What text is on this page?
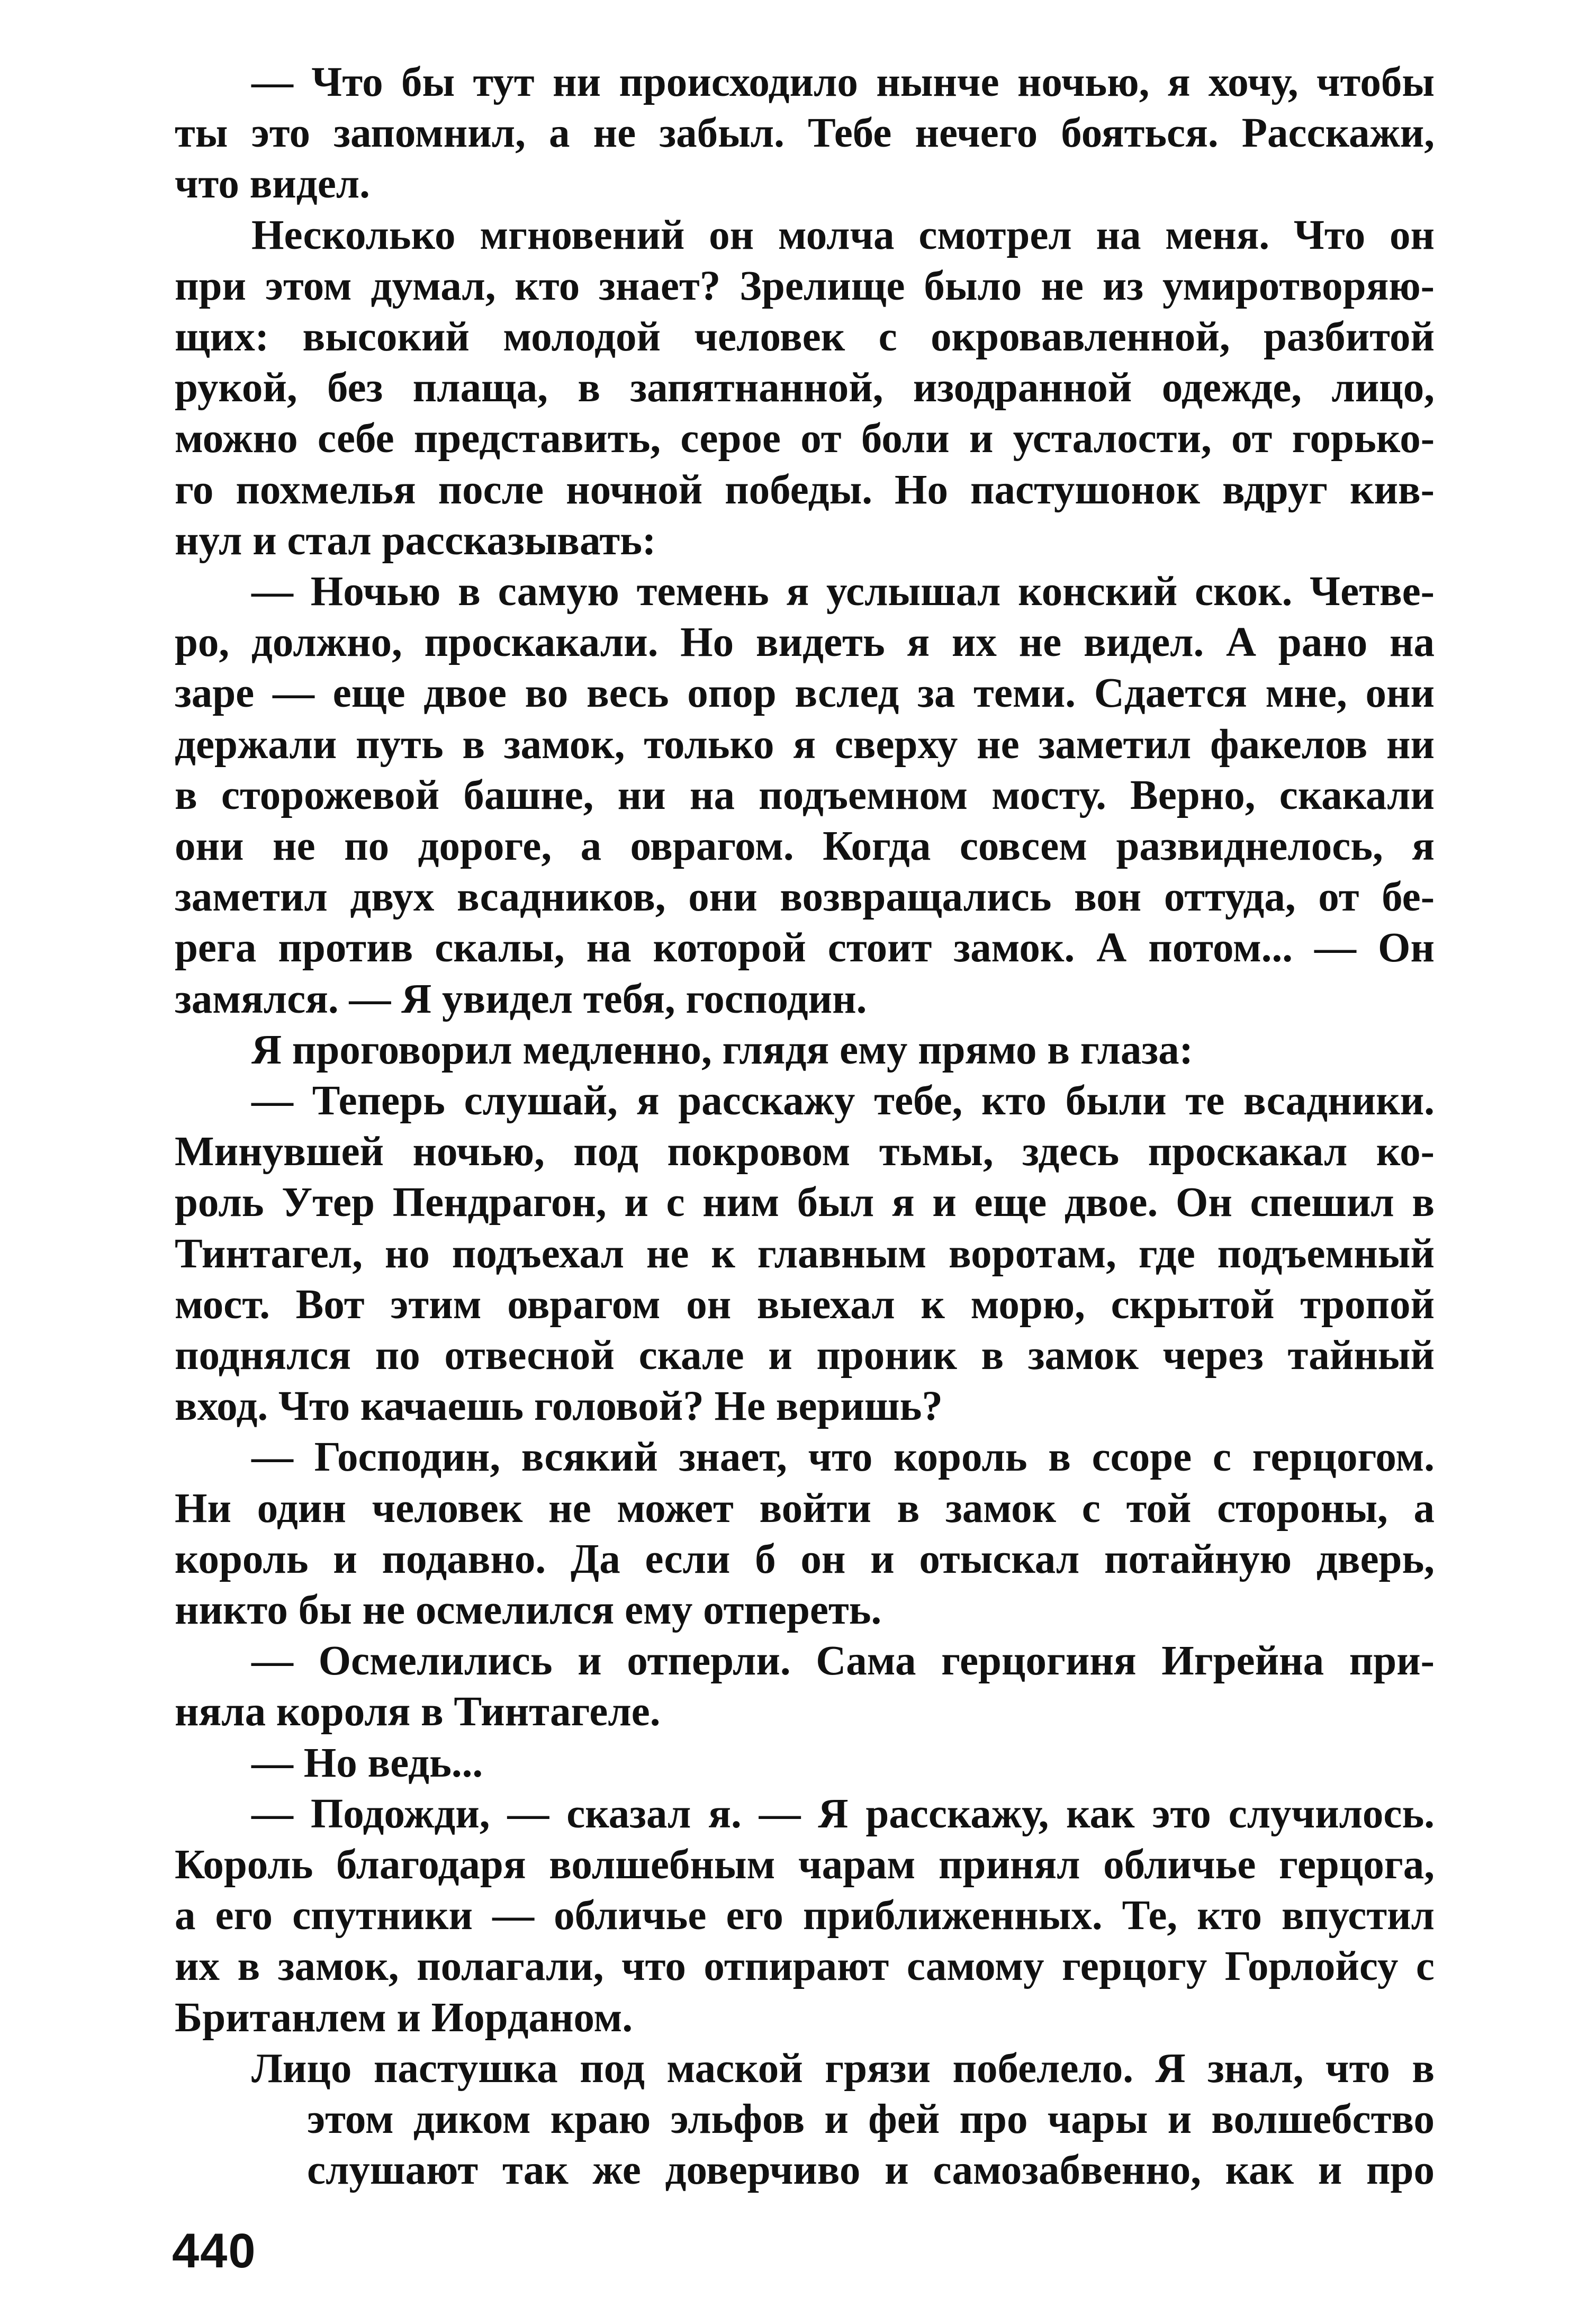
— Что бы тут ни происходило нынче ночью, я хочу, чтобы
ты это запомнил, а не забыл. Тебе нечего бояться. Расскажи,
что видел.
Несколько мгновений он молча смотрел на меня. Что он
при этом думал, кто знает? Зрелище было не из умиротворяю-
щих: высокий молодой человек с окровавленной, разбитой
рукой, без плаща, в запятнанной, изодранной одежде, лицо,
можно себе представить, серое от боли и усталости, от горько-
го похмелья после ночной победы. Но пастушонок вдруг кив-
нул и стал рассказывать:
— Ночью в самую темень я услышал конский скок. Четве-
ро, должно, проскакали. Но видеть я их не видел. А рано на
заре — еще двое во весь опор вслед за теми. Сдается мне, они
держали путь в замок, только я сверху не заметил факелов ни
в сторожевой башне, ни на подъемном мосту. Верно, скакали
они не по дороге, а оврагом. Когда совсем развиднелось, я
заметил двух всадников, они возвращались вон оттуда, от бе-
рега против скалы, на которой стоит замок. А потом... — Он
замялся. — Я увидел тебя, господин.
Я проговорил медленно, глядя ему прямо в глаза:
— Теперь слушай, я расскажу тебе, кто были те всадники.
Минувшей ночью, под покровом тьмы, здесь проскакал ко-
роль Утер Пендрагон, и с ним был я и еще двое. Он спешил в
Тинтагел, но подъехал не к главным воротам, где подъемный
мост. Вот этим оврагом он выехал к морю, скрытой тропой
поднялся по отвесной скале и проник в замок через тайный
вход. Что качаешь головой? Не веришь?
— Господин, всякий знает, что король в ссоре с герцогом.
Ни один человек не может войти в замок с той стороны, а
король и подавно. Да если б он и отыскал потайную дверь,
никто бы не осмелился ему отпереть.
— Осмелились и отперли. Сама герцогиня Игрейна при-
няла короля в Тинтагеле.
— Но ведь...
— Подожди, — сказал я. — Я расскажу, как это случилось.
Король благодаря волшебным чарам принял обличье герцога,
а его спутники — обличье его приближенных. Те, кто впустил
их в замок, полагали, что отпирают самому герцогу Горлойсу с
Британлем и Иорданом.
Лицо пастушка под маской грязи побелело. Я знал, что в
этом диком краю эльфов и фей про чары и волшебство
слушают так же доверчиво и самозабвенно, как и про
440
